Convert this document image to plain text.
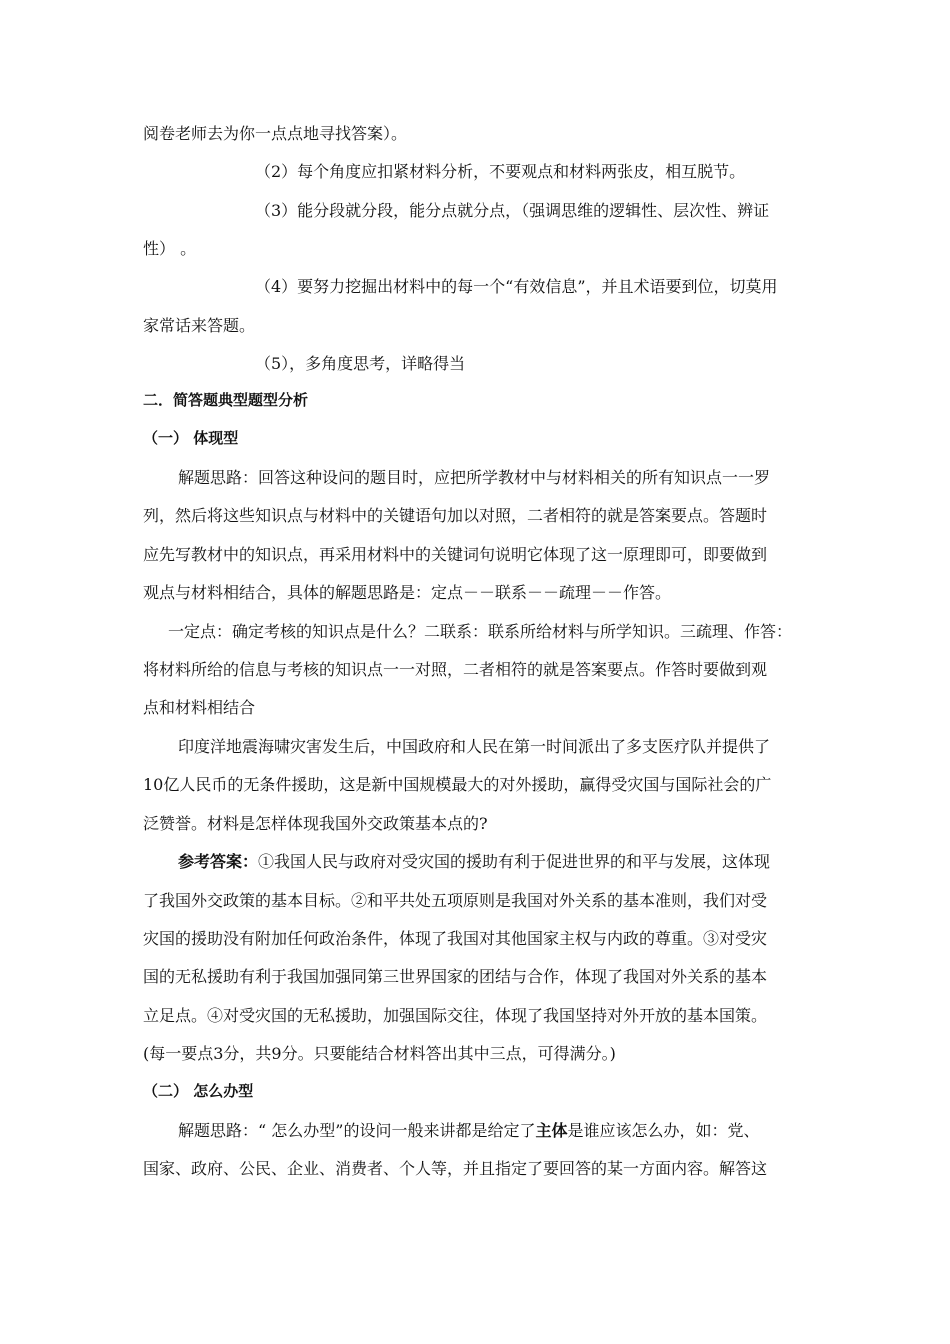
阅卷老师去为你一点点地寻找答案）。
（2）每个角度应扣紧材料分析，不要观点和材料两张皮，相互脱节。
（3）能分段就分段，能分点就分点，（强调思维的逻辑性、层次性、辨证
性） 。
（4）要努力挖掘出材料中的每一个“有效信息”，并且术语要到位，切莫用
家常话来答题。
（5），多角度思考，详略得当
二．简答题典型题型分析
（一） 体现型
解题思路：回答这种设问的题目时，应把所学教材中与材料相关的所有知识点一一罗
列，然后将这些知识点与材料中的关键语句加以对照，二者相符的就是答案要点。答题时
应先写教材中的知识点，再采用材料中的关键词句说明它体现了这一原理即可，即要做到
观点与材料相结合，具体的解题思路是：定点－－联系－－疏理－－作答。
一定点：确定考核的知识点是什么？二联系：联系所给材料与所学知识。三疏理、作答：
将材料所给的信息与考核的知识点一一对照，二者相符的就是答案要点。作答时要做到观
点和材料相结合
印度洋地震海啸灾害发生后，中国政府和人民在第一时间派出了多支医疗队并提供了
10亿人民币的无条件援助，这是新中国规模最大的对外援助，赢得受灾国与国际社会的广
泛赞誉。材料是怎样体现我国外交政策基本点的?
参考答案：①我国人民与政府对受灾国的援助有利于促进世界的和平与发展，这体现
了我国外交政策的基本目标。②和平共处五项原则是我国对外关系的基本准则，我们对受
灾国的援助没有附加任何政治条件，体现了我国对其他国家主权与内政的尊重。③对受灾
国的无私援助有利于我国加强同第三世界国家的团结与合作，体现了我国对外关系的基本
立足点。④对受灾国的无私援助，加强国际交往，体现了我国坚持对外开放的基本国策。
(每一要点3分，共9分。只要能结合材料答出其中三点，可得满分。)
（二） 怎么办型
解题思路：“ 怎么办型”的设问一般来讲都是给定了主体是谁应该怎么办，如：党、
国家、政府、公民、企业、消费者、个人等，并且指定了要回答的某一方面内容。解答这
